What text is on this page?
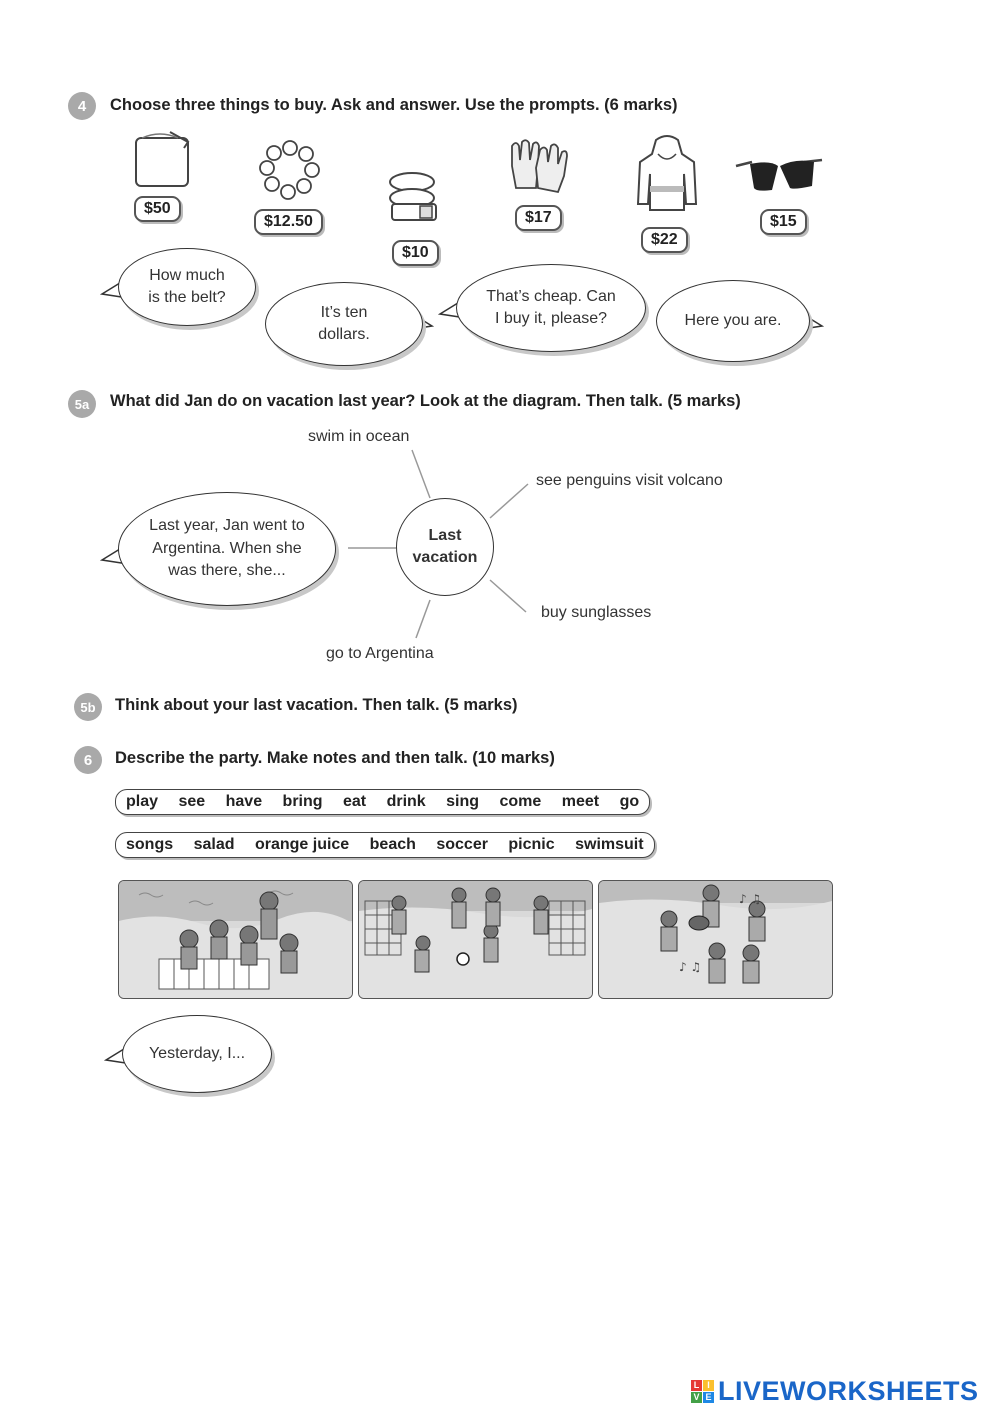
4	Choose three things to buy. Ask and answer. Use the prompts. (6 marks)
$50
$12.50
$10
$17
$22
$15
How much
is the belt?
It’s ten
dollars.
That’s cheap. Can
I buy it, please?	Here you are.
5a	What did Jan do on vacation last year? Look at the diagram. Then talk. (5 marks)
Last
vacation
swim in ocean
see penguins visit volcano
buy sunglasses
go to Argentina
Last year, Jan went to
Argentina. When she
was there, she...
5b	Think about your last vacation. Then talk. (5 marks)
6	Describe the party. Make notes and then talk. (10 marks)
play see have bring eat drink sing come meet go
songs salad orange juice beach soccer picnic swimsuit
♪ ♫
♪ ♫
Yesterday, I...
L I
V E LIVEWORKSHEETS
